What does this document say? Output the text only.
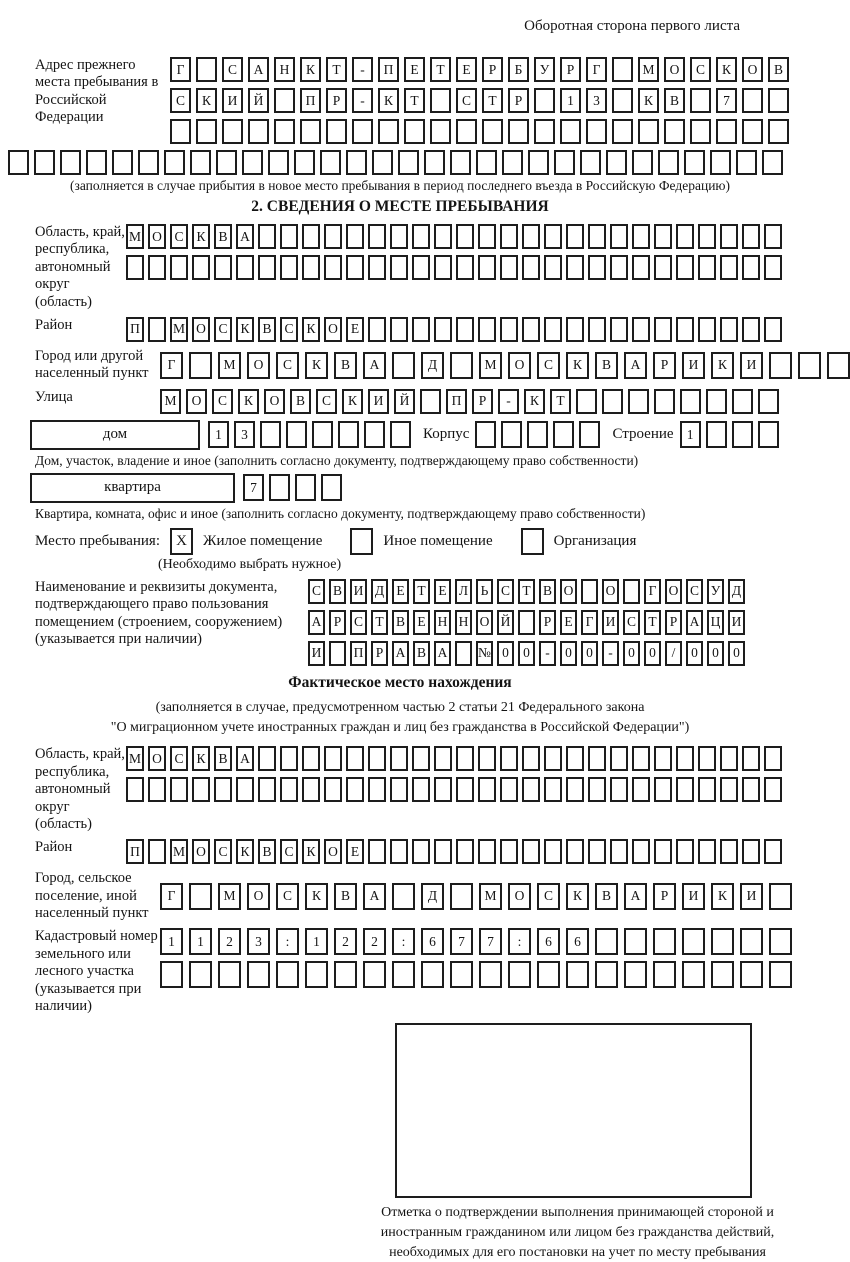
Оборотная сторона первого листа
Адрес прежнего места пребывания в Российской Федерации
Г	С	А	Н	К	Т	-	П	Е	Т	Е	Р	Б	У	Р	Г	М	О	С	К	О	В
С	К	И	Й	П	Р	-	К	Т	С	Т	Р	1	3	К	В	7
(заполняется в случае прибытия в новое место пребывания в период последнего въезда в Российскую Федерацию)
2. СВЕДЕНИЯ О МЕСТЕ ПРЕБЫВАНИЯ
Область, край, республика, автономный округ (область)
М О С К В А
Район	П	М О С К В С К О Е
Город или другой населенный пункт
Г	М	О	С	К	В	А	Д	М	О	С	К	В	А	Р	И	К	И
Улица	М	О	С	К	О	В	С	К	И	Й	П	Р	-	К	Т
дом	1	3	Корпус	Строение 1
Дом, участок, владение и иное (заполнить согласно документу, подтверждающему право собственности)
квартира	7
Квартира, комната, офис и иное (заполнить согласно документу, подтверждающему право собственности)
Место пребывания:	X	Жилое помещение	Иное помещение	Организация
(Необходимо выбрать нужное)
Наименование и реквизиты документа, подтверждающего право пользования помещением (строением, сооружением) (указывается при наличии)
С В И Д Е Т Е Л Ь С Т В О О	Г О С У Д
А Р С Т В Е Н Н О Й	Р Е Г И С Т Р А Ц И
И П Р А В А № 0	0	-	0	0	-	0	0	/	0	0	0
Фактическое место нахождения
(заполняется в случае, предусмотренном частью 2 статьи 21 Федерального закона
"О миграционном учете иностранных граждан и лиц без гражданства в Российской Федерации")
Область, край, республика, автономный округ (область)
М О С К В А
Район	П	М О С К В С К О Е
Город, сельское поселение, иной населенный пункт
Г	М	О	С	К	В	А	Д	М	О	С	К	В	А	Р	И	К	И
Кадастровый номер земельного или лесного участка (указывается при наличии)
1	1	2	3	:	1	2	2	:	6	7	7	:	6	6
Отметка о подтверждении выполнения принимающей стороной и иностранным гражданином или лицом без гражданства действий, необходимых для его постановки на учет по месту пребывания
